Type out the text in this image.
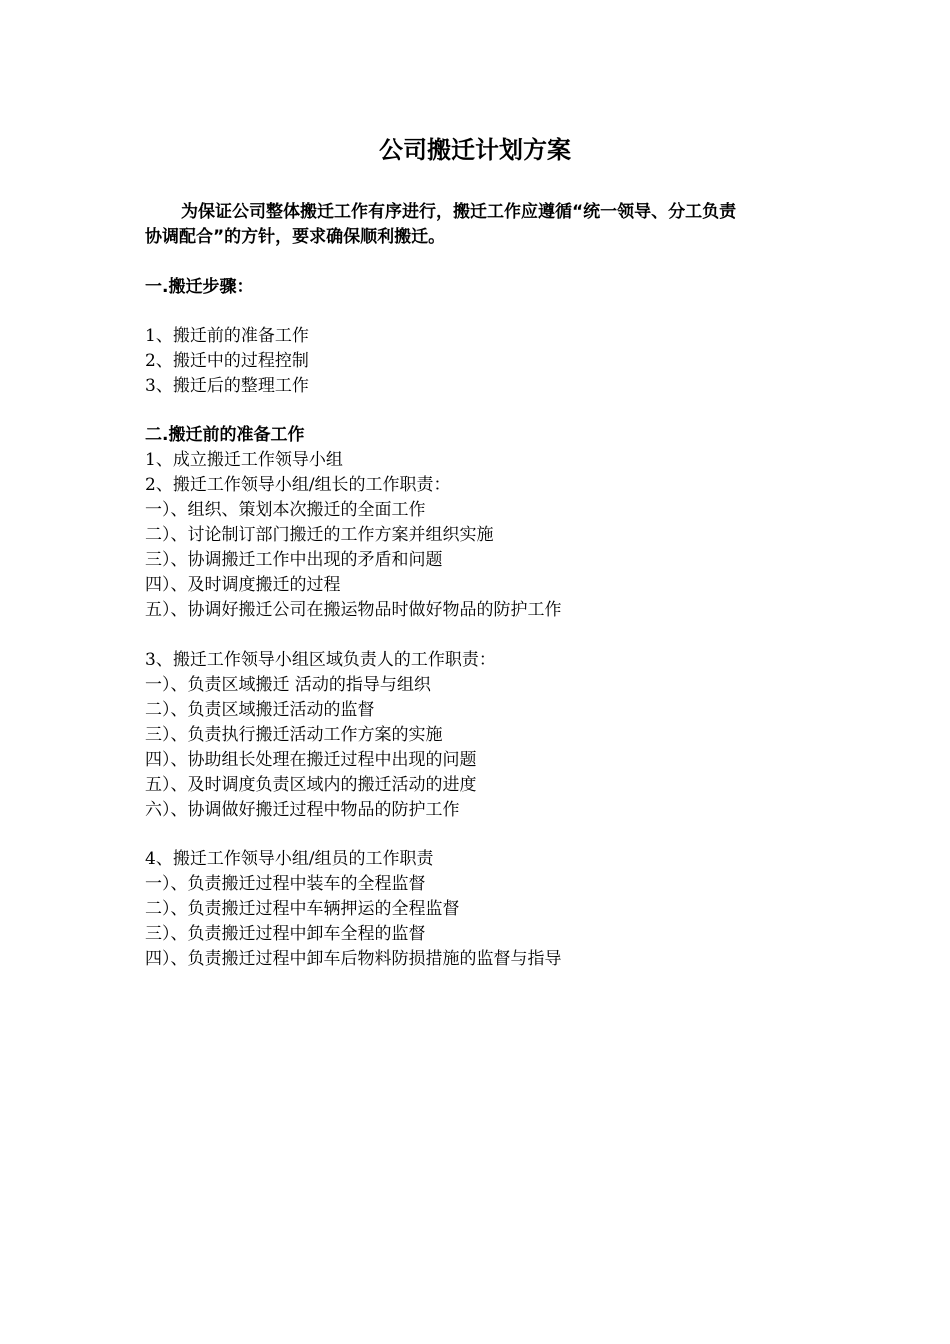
公司搬迁计划方案
为保证公司整体搬迁工作有序进行，搬迁工作应遵循“统一领导、分工负责
协调配合”的方针，要求确保顺利搬迁。
一.搬迁步骤：
1、搬迁前的准备工作
2、搬迁中的过程控制
3、搬迁后的整理工作
二.搬迁前的准备工作
1、成立搬迁工作领导小组
2、搬迁工作领导小组/组长的工作职责：
一）、组织、策划本次搬迁的全面工作
二）、讨论制订部门搬迁的工作方案并组织实施
三）、协调搬迁工作中出现的矛盾和问题
四）、及时调度搬迁的过程
五）、协调好搬迁公司在搬运物品时做好物品的防护工作
3、搬迁工作领导小组区域负责人的工作职责：
一）、负责区域搬迁 活动的指导与组织
二）、负责区域搬迁活动的监督
三）、负责执行搬迁活动工作方案的实施
四）、协助组长处理在搬迁过程中出现的问题
五）、及时调度负责区域内的搬迁活动的进度
六）、协调做好搬迁过程中物品的防护工作
4、搬迁工作领导小组/组员的工作职责
一）、负责搬迁过程中装车的全程监督
二）、负责搬迁过程中车辆押运的全程监督
三）、负责搬迁过程中卸车全程的监督
四）、负责搬迁过程中卸车后物料防损措施的监督与指导
